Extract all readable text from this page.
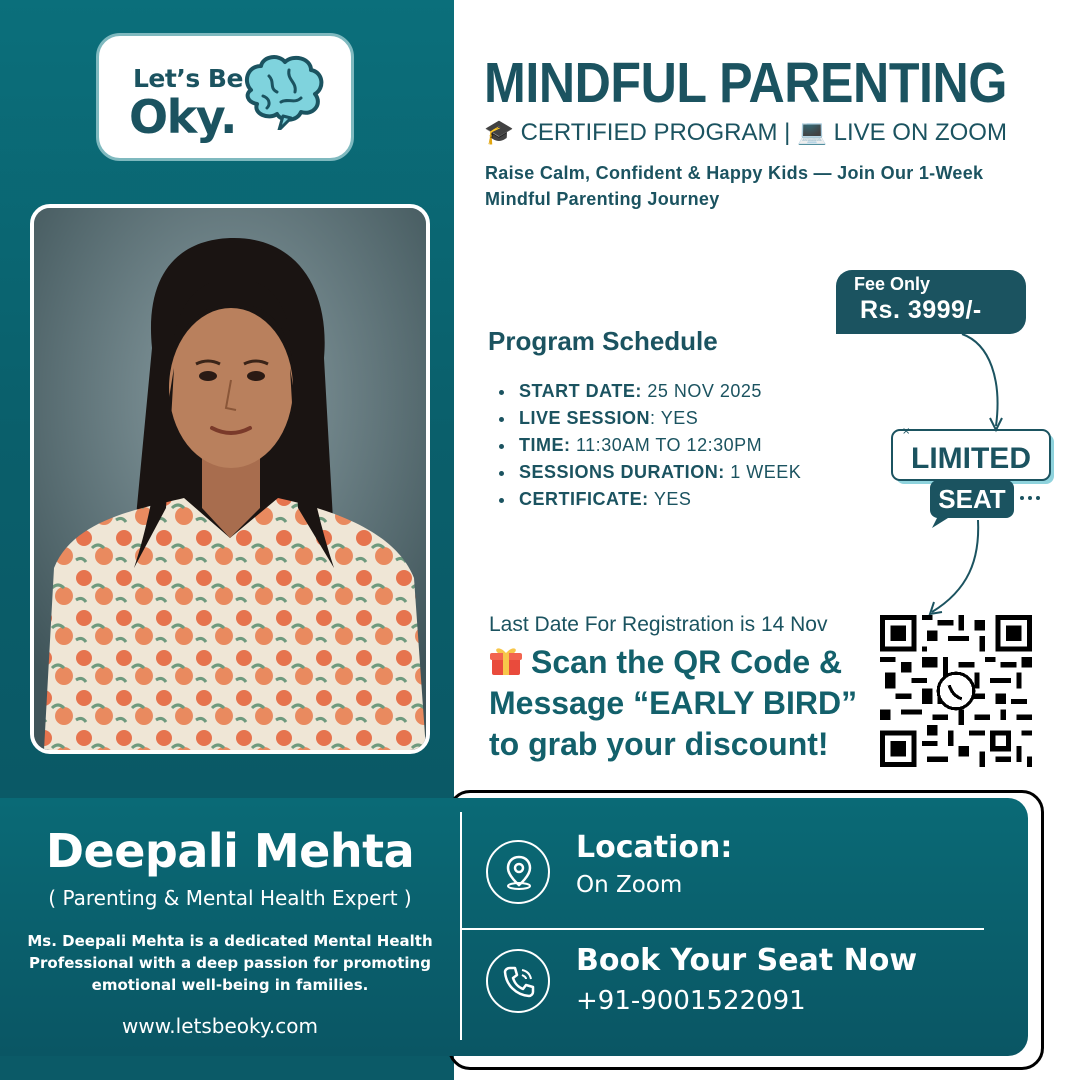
Let’s Be
Oky.
MINDFUL PARENTING
🎓 CERTIFIED PROGRAM | 💻 LIVE ON ZOOM
Raise Calm, Confident & Happy Kids — Join Our 1-Week Mindful Parenting Journey
Fee Only
Rs. 3999/-
Program Schedule
START DATE: 25 NOV 2025
LIVE SESSION: YES
TIME: 11:30AM TO 12:30PM
SESSIONS DURATION: 1 WEEK
CERTIFICATE: YES
LIMITED
SEAT
×
Last Date For Registration is 14 Nov
Scan the QR Code & Message “EARLY BIRD” to grab your discount!
Deepali Mehta
( Parenting & Mental Health Expert )
Ms. Deepali Mehta is a dedicated Mental Health Professional with a deep passion for promoting emotional well-being in families.
www.letsbeoky.com
Location:
On Zoom
Book Your Seat Now
+91-9001522091
